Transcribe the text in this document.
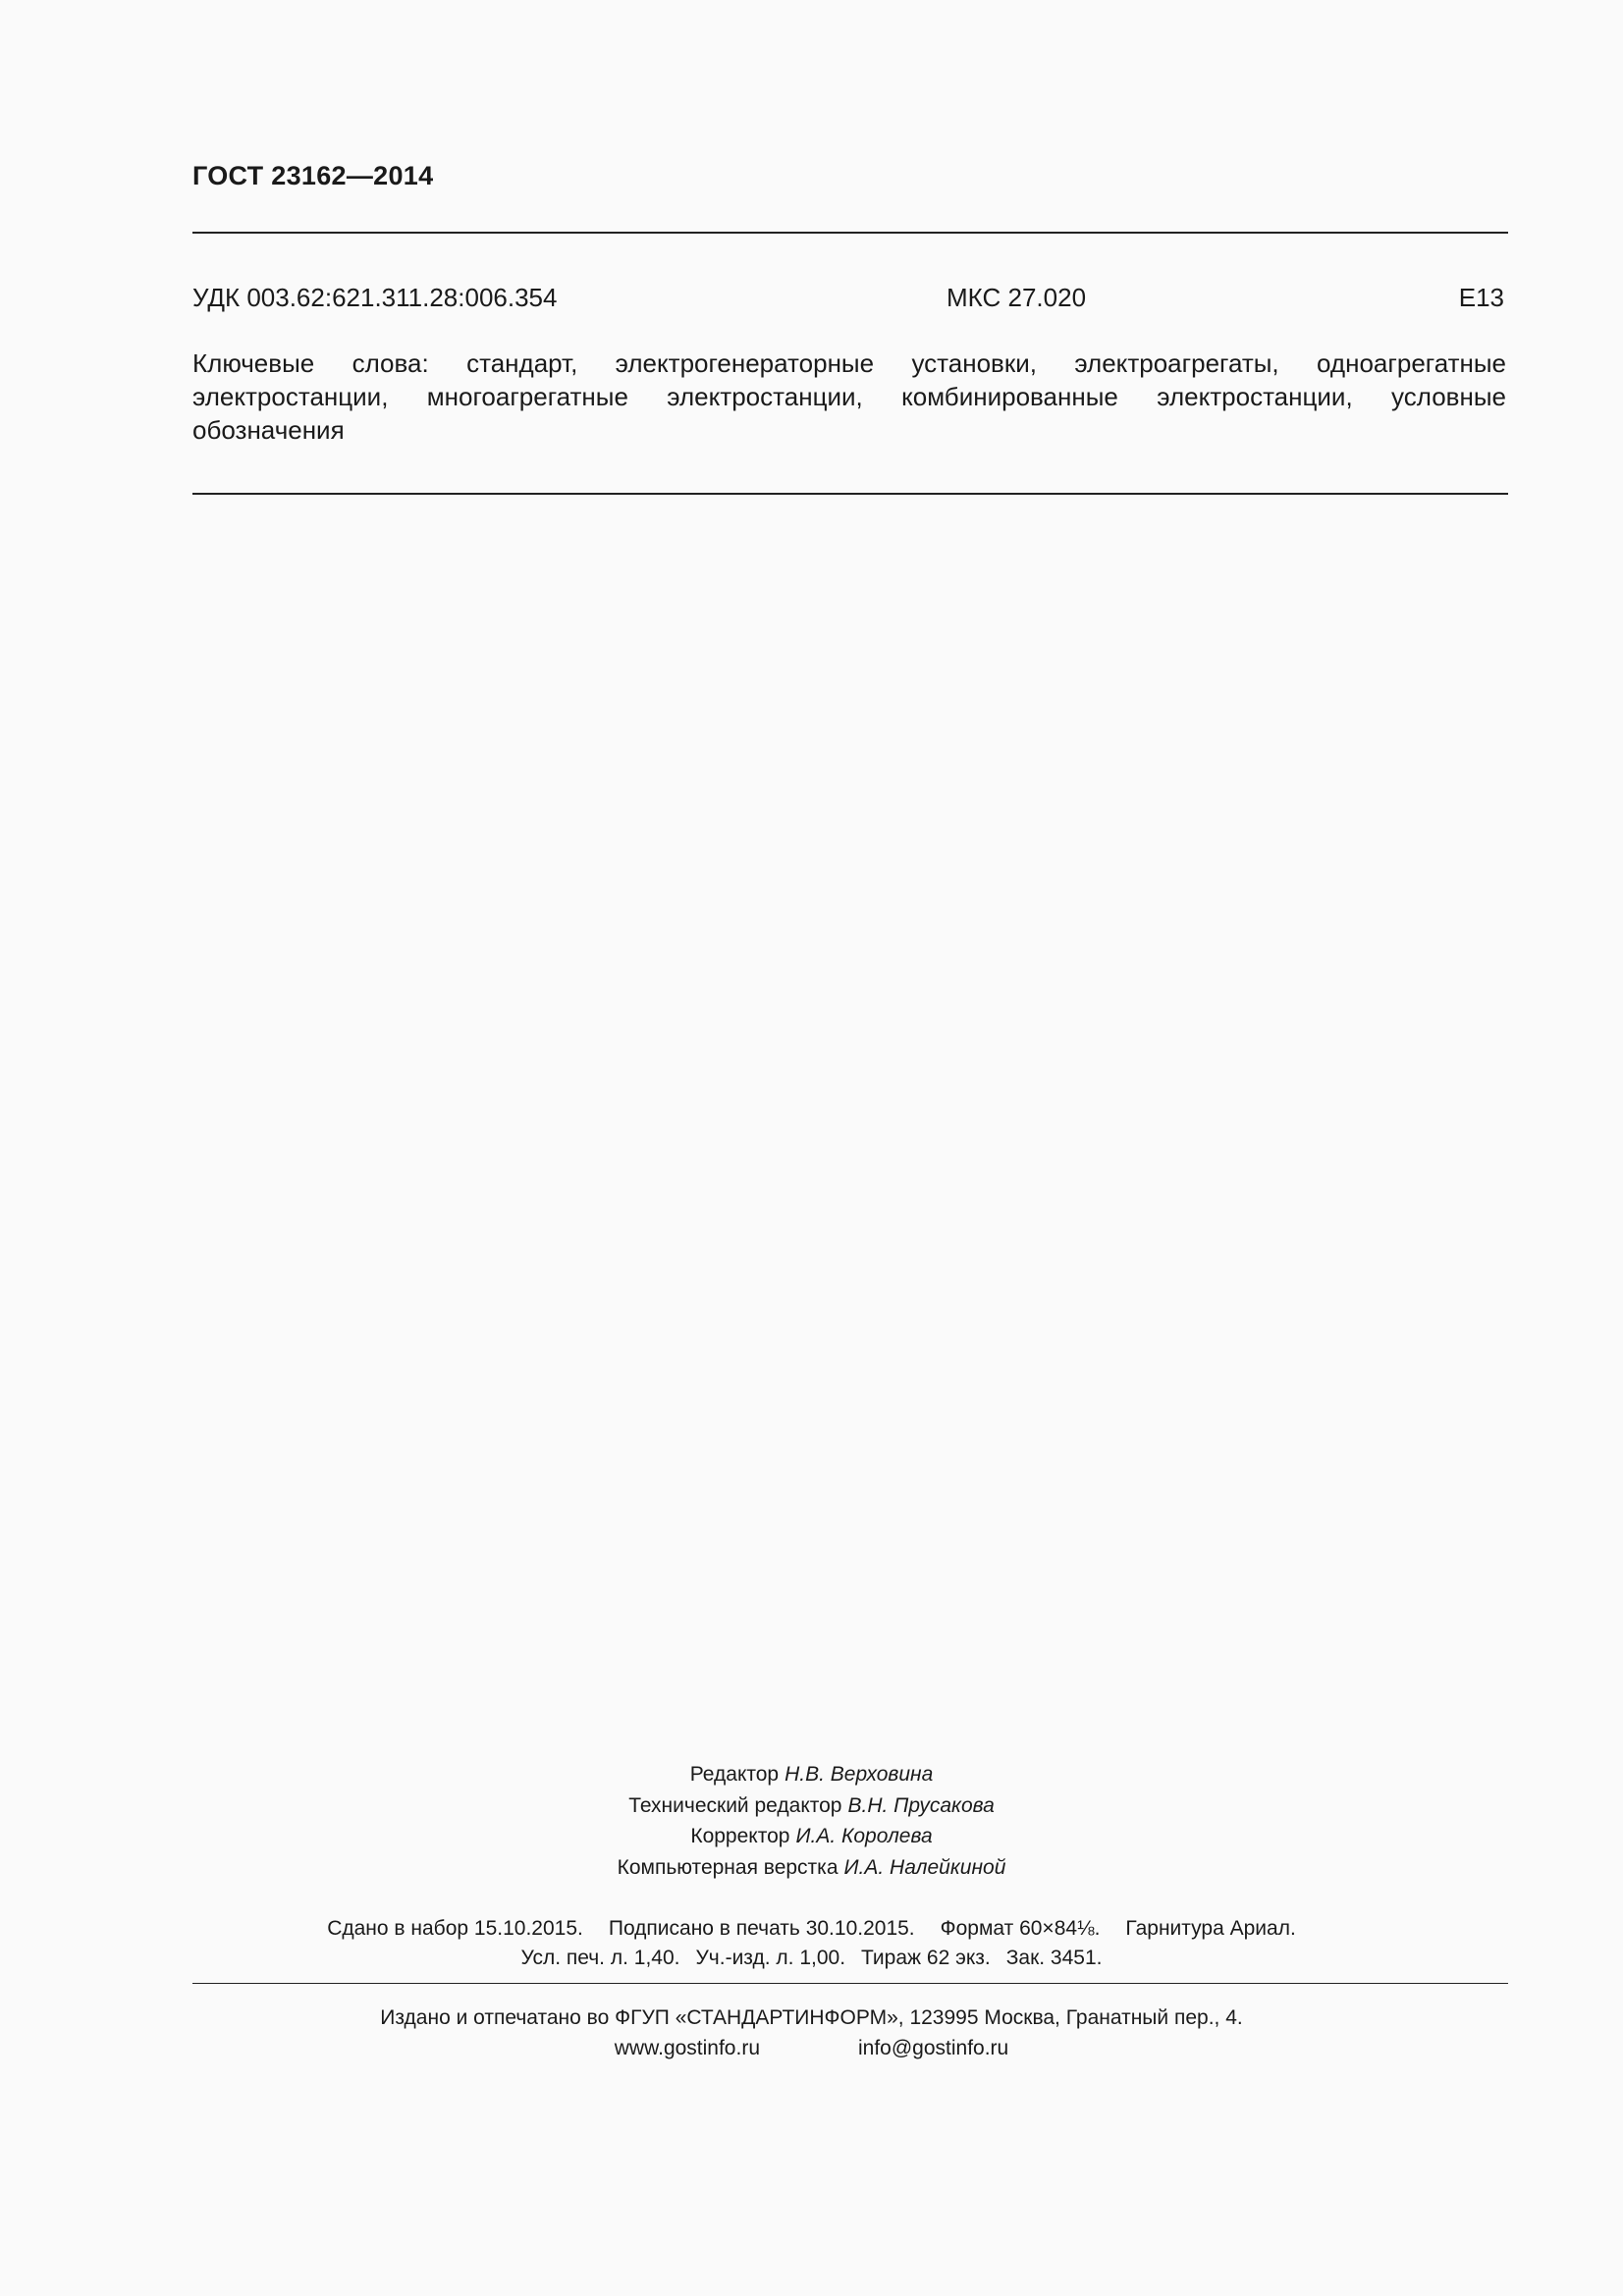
ГОСТ 23162—2014
УДК 003.62:621.311.28:006.354	МКС 27.020	Е13
Ключевые слова: стандарт, электрогенераторные установки, электроагрегаты, одноагрегатные электростанции, многоагрегатные электростанции, комбинированные электростанции, условные обозначения
Редактор Н.В. Верховина
Технический редактор В.Н. Прусакова
Корректор И.А. Королева
Компьютерная верстка И.А. Налейкиной
Сдано в набор 15.10.2015. Подписано в печать 30.10.2015. Формат 60×84⅛. Гарнитура Ариал.
Усл. печ. л. 1,40. Уч.-изд. л. 1,00. Тираж 62 экз. Зак. 3451.
Издано и отпечатано во ФГУП «СТАНДАРТИНФОРМ», 123995 Москва, Гранатный пер., 4.
www.gostinfo.ru	info@gostinfo.ru
